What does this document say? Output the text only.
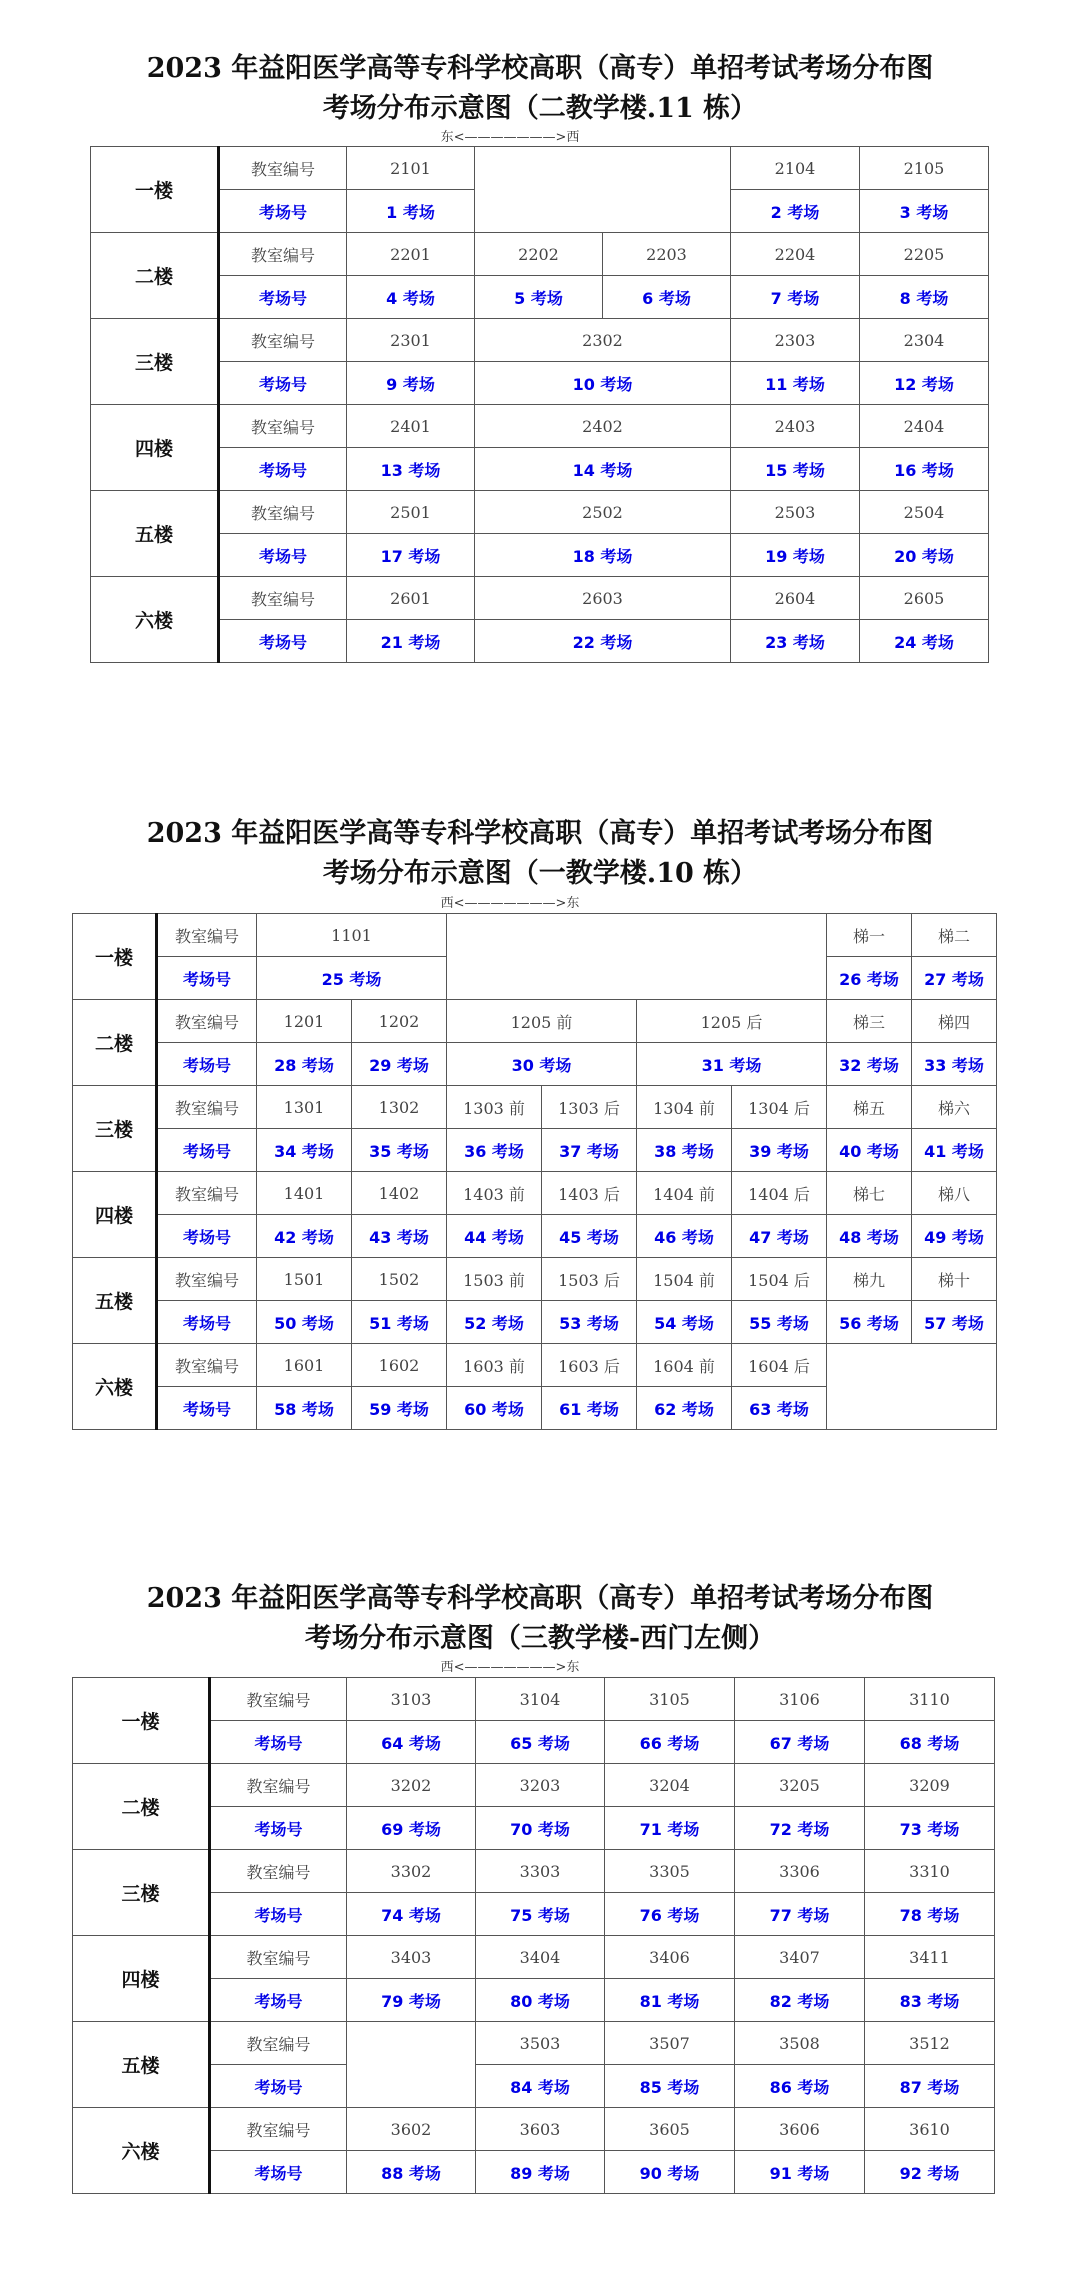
2023 年益阳医学高等专科学校高职（高专）单招考试考场分布图
考场分布示意图（二教学楼.11 栋）
东<———————>西
一楼	教室编号	2101			2104	2105
	考场号	1 考场			2 考场	3 考场
二楼	教室编号	2201	2202	2203	2204	2205
	考场号	4 考场	5 考场	6 考场	7 考场	8 考场
三楼	教室编号	2301	2302		2303	2304
	考场号	9 考场	10 考场		11 考场	12 考场
四楼	教室编号	2401	2402		2403	2404
	考场号	13 考场	14 考场		15 考场	16 考场
五楼	教室编号	2501	2502		2503	2504
	考场号	17 考场	18 考场		19 考场	20 考场
六楼	教室编号	2601	2603		2604	2605
	考场号	21 考场	22 考场		23 考场	24 考场
2023 年益阳医学高等专科学校高职（高专）单招考试考场分布图
考场分布示意图（一教学楼.10 栋）
西<———————>东
一楼	教室编号	1101						梯一	梯二
	考场号	25 考场						26 考场	27 考场
二楼	教室编号	1201	1202	1205 前		1205 后		梯三	梯四
	考场号	28 考场	29 考场	30 考场		31 考场		32 考场	33 考场
三楼	教室编号	1301	1302	1303 前	1303 后	1304 前	1304 后	梯五	梯六
	考场号	34 考场	35 考场	36 考场	37 考场	38 考场	39 考场	40 考场	41 考场
四楼	教室编号	1401	1402	1403 前	1403 后	1404 前	1404 后	梯七	梯八
	考场号	42 考场	43 考场	44 考场	45 考场	46 考场	47 考场	48 考场	49 考场
五楼	教室编号	1501	1502	1503 前	1503 后	1504 前	1504 后	梯九	梯十
	考场号	50 考场	51 考场	52 考场	53 考场	54 考场	55 考场	56 考场	57 考场
六楼	教室编号	1601	1602	1603 前	1603 后	1604 前	1604 后		
	考场号	58 考场	59 考场	60 考场	61 考场	62 考场	63 考场		
2023 年益阳医学高等专科学校高职（高专）单招考试考场分布图
考场分布示意图（三教学楼-西门左侧）
西<———————>东
一楼	教室编号	3103	3104	3105	3106	3110
	考场号	64 考场	65 考场	66 考场	67 考场	68 考场
二楼	教室编号	3202	3203	3204	3205	3209
	考场号	69 考场	70 考场	71 考场	72 考场	73 考场
三楼	教室编号	3302	3303	3305	3306	3310
	考场号	74 考场	75 考场	76 考场	77 考场	78 考场
四楼	教室编号	3403	3404	3406	3407	3411
	考场号	79 考场	80 考场	81 考场	82 考场	83 考场
五楼	教室编号		3503	3507	3508	3512
	考场号		84 考场	85 考场	86 考场	87 考场
六楼	教室编号	3602	3603	3605	3606	3610
	考场号	88 考场	89 考场	90 考场	91 考场	92 考场
